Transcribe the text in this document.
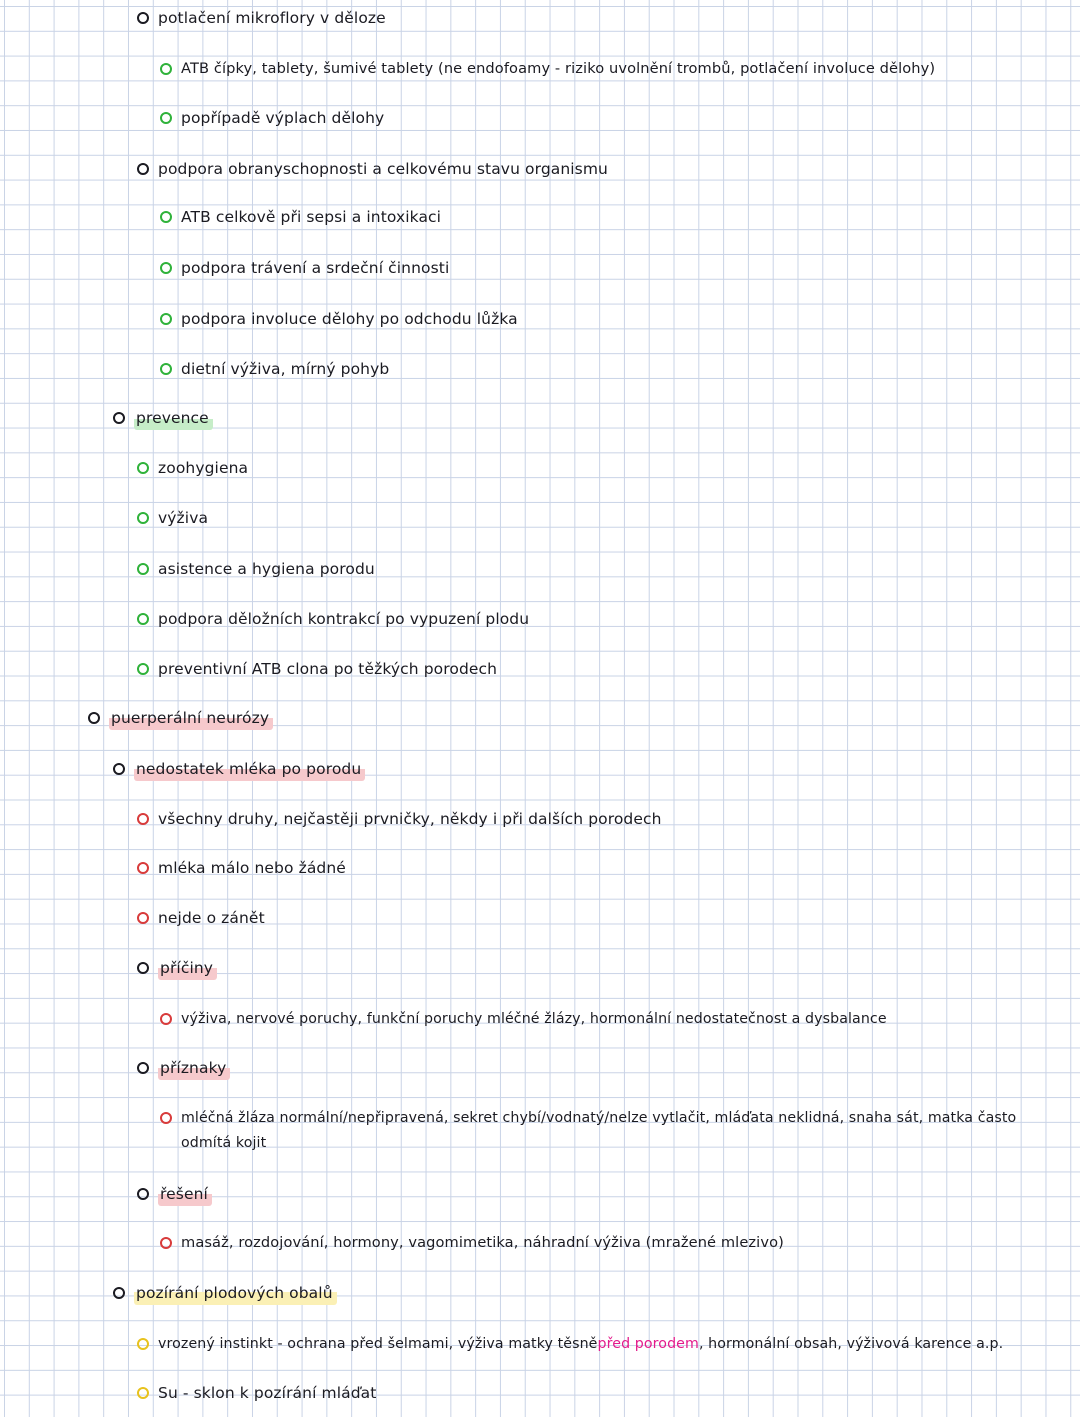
potlačení mikroflory v děloze
ATB čípky, tablety, šumivé tablety (ne endofoamy - riziko uvolnění trombů, potlačení involuce dělohy)
popřípadě výplach dělohy
podpora obranyschopnosti a celkovému stavu organismu
ATB celkově při sepsi a intoxikaci
podpora trávení a srdeční činnosti
podpora involuce dělohy po odchodu lůžka
dietní výživa, mírný pohyb
prevence
zoohygiena
výživa
asistence a hygiena porodu
podpora děložních kontrakcí po vypuzení plodu
preventivní ATB clona po těžkých porodech
puerperální neurózy
nedostatek mléka po porodu
všechny druhy, nejčastěji prvničky, někdy i při dalších porodech
mléka málo nebo žádné
nejde o zánět
příčiny
výživa, nervové poruchy, funkční poruchy mléčné žlázy, hormonální nedostatečnost a dysbalance
příznaky
mléčná žláza normální/nepřipravená, sekret chybí/vodnatý/nelze vytlačit, mláďata neklidná, snaha sát, matka často odmítá kojit
řešení
masáž, rozdojování, hormony, vagomimetika, náhradní výživa (mražené mlezivo)
pozírání plodových obalů
vrozený instinkt - ochrana před šelmami, výživa matky těsně před porodem , hormonální obsah, výživová karence a.p.
Su - sklon k pozírání mláďat
